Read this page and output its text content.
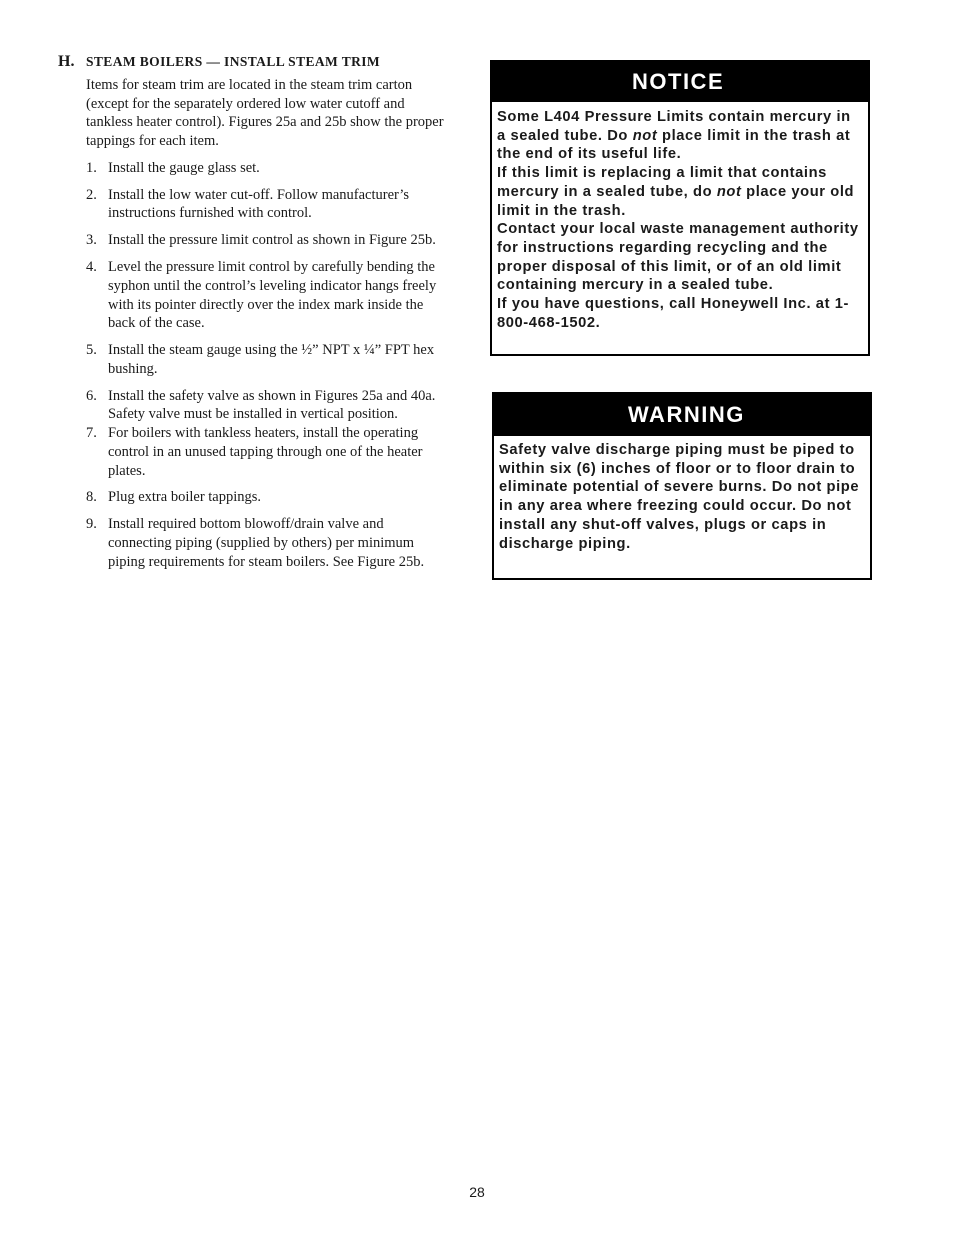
H. STEAM BOILERS — INSTALL STEAM TRIM

Items for steam trim are located in the steam trim carton (except for the separately ordered low water cutoff and tankless heater control). Figures 25a and 25b show the proper tappings for each item.

1. Install the gauge glass set.
2. Install the low water cut-off. Follow manufacturer’s instructions furnished with control.
3. Install the pressure limit control as shown in Figure 25b.
4. Level the pressure limit control by carefully bending the syphon until the control’s leveling indicator hangs freely with its pointer directly over the index mark inside the back of the case.
5. Install the steam gauge using the ½” NPT x ¼” FPT hex bushing.
6. Install the safety valve as shown in Figures 25a and 40a. Safety valve must be installed in vertical position.
7. For boilers with tankless heaters, install the operating control in an unused tapping through one of the heater plates.
8. Plug extra boiler tappings.
9. Install required bottom blowoff/drain valve and connecting piping (supplied by others) per minimum piping requirements for steam boilers. See Figure 25b.
NOTICE

Some L404 Pressure Limits contain mercury in a sealed tube. Do not place limit in the trash at the end of its useful life.

If this limit is replacing a limit that contains mercury in a sealed tube, do not place your old limit in the trash.

Contact your local waste management authority for instructions regarding recycling and the proper disposal of this limit, or of an old limit containing mercury in a sealed tube.

If you have questions, call Honeywell Inc. at 1-800-468-1502.

WARNING

Safety valve discharge piping must be piped to within six (6) inches of floor or to floor drain to eliminate potential of severe burns. Do not pipe in any area where freezing could occur. Do not install any shut-off valves, plugs or caps in discharge piping.

28
